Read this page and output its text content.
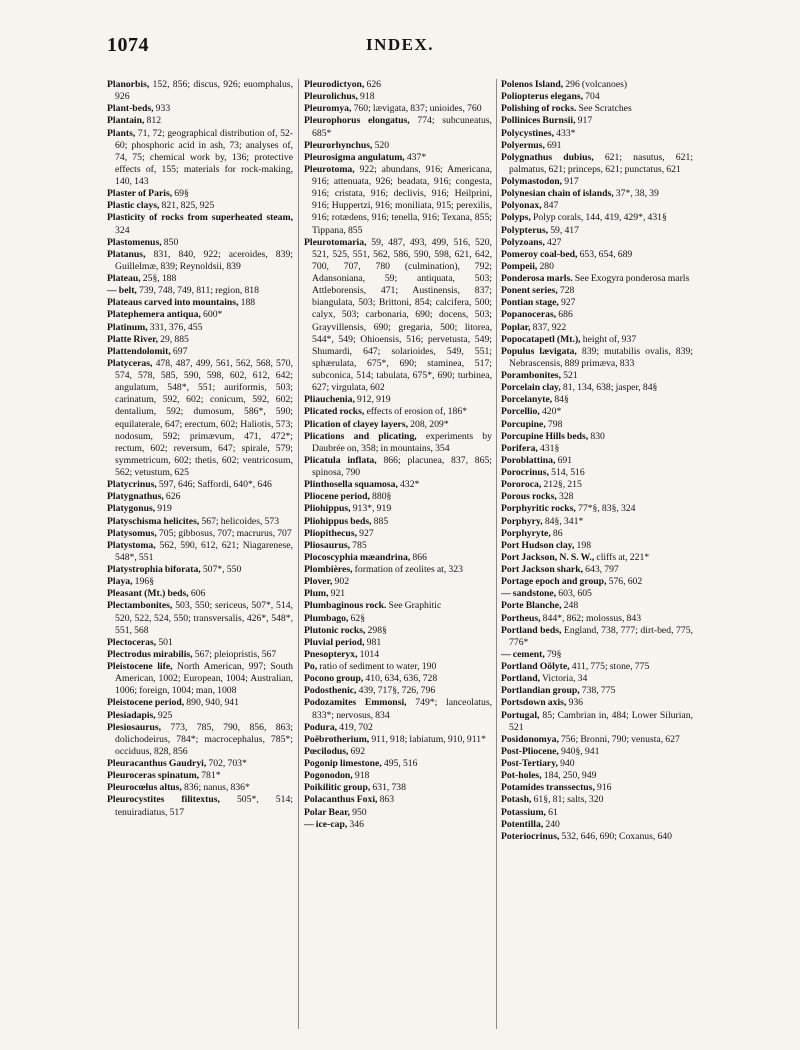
1074	INDEX.
Planorbis, 152, 856; discus, 926; euomphalus, 926
Plant-beds, 933
Plantain, 812
Plants, 71, 72; geographical distribution of, 52-60; phosphoric acid in ash, 73; analyses of, 74, 75; chemical work by, 136; protective effects of, 155; materials for rock-making, 140, 143
Plaster of Paris, 69§
Plastic clays, 821, 825, 925
Plasticity of rocks from superheated steam, 324
Plastomenus, 850
Platanus, 831, 840, 922; aceroides, 839; Guillelmæ, 839; Reynoldsii, 839
Plateau, 25§, 188
— belt, 739, 748, 749, 811; region, 818
Plateaus carved into mountains, 188
Platephemera antiqua, 600*
Platinum, 331, 376, 455
Platte River, 29, 885
Plattendolomit, 697
Platyceras, 478, 487, 499, 561, 562, 568, 570, 574, 578, 585, 590, 598, 602, 612, 642; angulatum, 548*, 551; auriformis, 503; carinatum, 592, 602; conicum, 592, 602; dentalium, 592; dumosum, 586*, 590; equilaterale, 647; erectum, 602; Haliotis, 573; nodosum, 592; primævum, 471, 472*; rectum, 602; reversum, 647; spirale, 579; symmetricum, 602; thetis, 602; ventricosum, 562; vetustum, 625
Platycrinus, 597, 646; Saffordi, 640*, 646
Platygnathus, 626
Platygonus, 919
Platyschisma helicites, 567; helicoides, 573
Platysomus, 705; gibbosus, 707; macrurus, 707
Platystoma, 562, 590, 612, 621; Niagarenese, 548*, 551
Platystrophia biforata, 507*, 550
Playa, 196§
Pleasant (Mt.) beds, 606
Plectambonites, 503, 550; sericeus, 507*, 514, 520, 522, 524, 550; transversalis, 426*, 548*, 551, 568
Plectoceras, 501
Plectrodus mirabilis, 567; pleiopristis, 567
Pleistocene life, North American, 997; South American, 1002; European, 1004; Australian, 1006; foreign, 1004; man, 1008
Pleistocene period, 890, 940, 941
Plesiadapis, 925
Plesiosaurus, 773, 785, 790, 856, 863; dolichodeirus, 784*; macrocephalus, 785*; occiduus, 828, 856
Pleuracanthus Gaudryi, 702, 703*
Pleuroceras spinatum, 781*
Pleurocœlus altus, 836; nanus, 836*
Pleurocystites filitextus, 505*, 514; tenuiradiatus, 517
Pleurodictyon, 626
Pleurolichus, 918
Pleuromya, 760; lævigata, 837; unioides, 760
Pleurophorus elongatus, 774; subcuneatus, 685*
Pleurorhynchus, 520
Pleurosigma angulatum, 437*
Pleurotoma, 922; abundans, 916; Americana, 916; attenuata, 926; beadata, 916; congesta, 916; cristata, 916; declivis, 916; Heilprini, 916; Huppertzi, 916; moniliata, 915; perexilis, 916; rotædens, 916; tenella, 916; Texana, 855; Tippana, 855
Pleurotomaria, 59, 487, 493, 499, 516, 520, 521, 525, 551, 562, 586, 590, 598, 621, 642, 700, 707, 780 (culmination), 792; Adansoniana, 59; antiquata, 503; Attleborensis, 471; Austinensis, 837; biangulata, 503; Brittoni, 854; calcifera, 500; calyx, 503; carbonaria, 690; docens, 503; Grayvillensis, 690; gregaria, 500; litorea, 544*, 549; Ohioensis, 516; pervetusta, 549; Shumardi, 647; solarioides, 549, 551; sphærulata, 675*, 690; staminea, 517; subconica, 514; tabulata, 675*, 690; turbinea, 627; virgulata, 602
Pliauchenia, 912, 919
Plicated rocks, effects of erosion of, 186*
Plication of clayey layers, 208, 209*
Plications and plicating, experiments by Daubrée on, 358; in mountains, 354
Plicatula inflata, 866; placunea, 837, 865; spinosa, 790
Plinthosella squamosa, 432*
Pliocene period, 880§
Pliohippus, 913*, 919
Pliohippus beds, 885
Pliopithecus, 927
Pliosaurus, 785
Plocoscyphia mæandrina, 866
Plombières, formation of zeolites at, 323
Plover, 902
Plum, 921
Plumbaginous rock. See Graphitic
Plumbago, 62§
Plutonic rocks, 298§
Pluvial period, 981
Pnesopteryx, 1014
Po, ratio of sediment to water, 190
Pocono group, 410, 634, 636, 728
Podosthenic, 439, 717§, 726, 796
Podozamites Emmonsi, 749*; lanceolatus, 833*; nervosus, 834
Podura, 419, 702
Poëbrotherium, 911, 918; labiatum, 910, 911*
Pœcilodus, 692
Pogonip limestone, 495, 516
Pogonodon, 918
Poikilitic group, 631, 738
Polacanthus Foxi, 863
Polar Bear, 950
— ice-cap, 346
Polenos Island, 296 (volcanoes)
Poliopterus elegans, 704
Polishing of rocks. See Scratches
Pollinices Burnsii, 917
Polycystines, 433*
Polyernus, 691
Polygnathus dubius, 621; nasutus, 621; palmatus, 621; princeps, 621; punctatus, 621
Polymastodon, 917
Polynesian chain of islands, 37*, 38, 39
Polyonax, 847
Polyps, Polyp corals, 144, 419, 429*, 431§
Polypterus, 59, 417
Polyzoans, 427
Pomeroy coal-bed, 653, 654, 689
Pompeii, 280
Ponderosa marls. See Exogyra ponderosa marls
Ponent series, 728
Pontian stage, 927
Popanoceras, 686
Poplar, 837, 922
Popocatapetl (Mt.), height of, 937
Populus lævigata, 839; mutabilis ovalis, 839; Nebrascensis, 889 primæva, 833
Porambonites, 521
Porcelain clay, 81, 134, 638; jasper, 84§
Porcelanyte, 84§
Porcellio, 420*
Porcupine, 798
Porcupine Hills beds, 830
Porifera, 431§
Poroblattina, 691
Porocrinus, 514, 516
Pororoca, 212§, 215
Porous rocks, 328
Porphyritic rocks, 77*§, 83§, 324
Porphyry, 84§, 341*
Porphyryte, 86
Port Hudson clay, 198
Port Jackson, N. S. W., cliffs at, 221*
Port Jackson shark, 643, 797
Portage epoch and group, 576, 602
— sandstone, 603, 605
Porte Blanche, 248
Portheus, 844*, 862; molossus, 843
Portland beds, England, 738, 777; dirt-bed, 775, 776*
— cement, 79§
Portland Oölyte, 411, 775; stone, 775
Portland, Victoria, 34
Portlandian group, 738, 775
Portsdown axis, 936
Portugal, 85; Cambrian in, 484; Lower Silurian, 521
Posidonomya, 756; Bronni, 790; venusta, 627
Post-Pliocene, 940§, 941
Post-Tertiary, 940
Pot-holes, 184, 250, 949
Potamides transsectus, 916
Potash, 61§, 81; salts, 320
Potassium, 61
Potentilla, 240
Poteriocrinus, 532, 646, 690; Coxanus, 640
